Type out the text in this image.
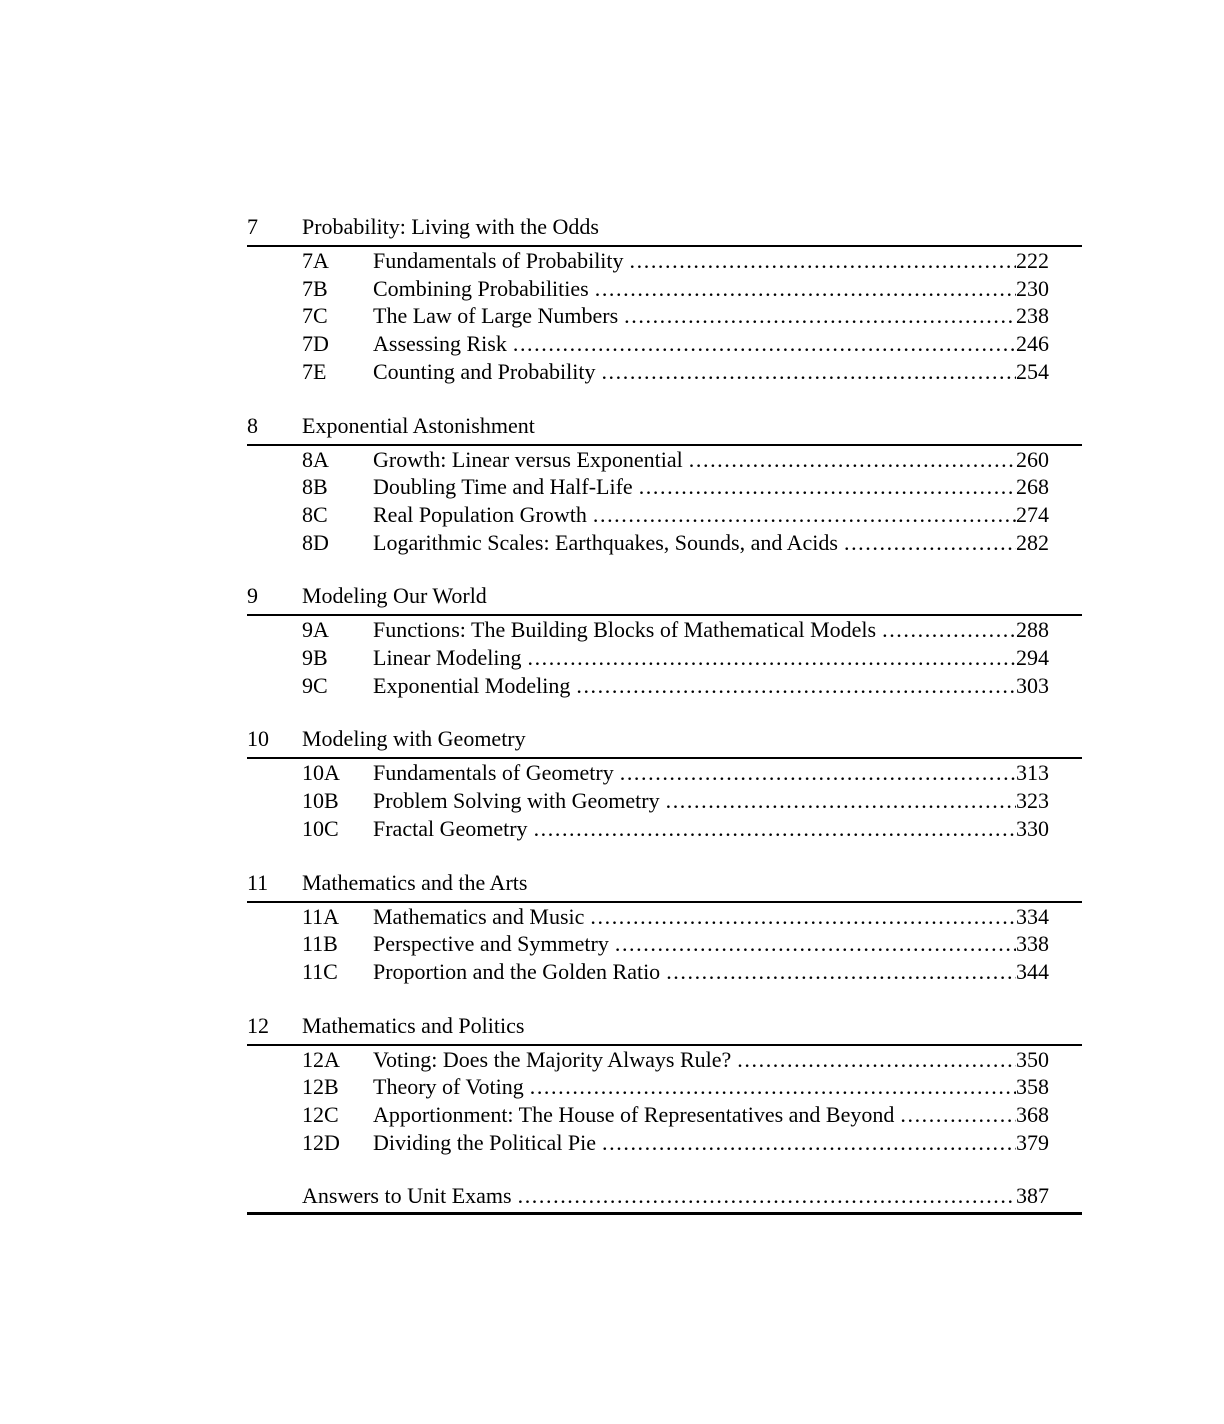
7	Probability: Living with the Odds
7A	Fundamentals of Probability .....	222
7B	Combining Probabilities .....	230
7C	The Law of Large Numbers .....	238
7D	Assessing Risk .....	246
7E	Counting and Probability .....	254
8	Exponential Astonishment
8A	Growth: Linear versus Exponential .....	260
8B	Doubling Time and Half-Life .....	268
8C	Real Population Growth .....	274
8D	Logarithmic Scales: Earthquakes, Sounds, and Acids .....	282
9	Modeling Our World
9A	Functions: The Building Blocks of Mathematical Models .....	288
9B	Linear Modeling .....	294
9C	Exponential Modeling .....	303
10	Modeling with Geometry
10A	Fundamentals of Geometry .....	313
10B	Problem Solving with Geometry .....	323
10C	Fractal Geometry .....	330
11	Mathematics and the Arts
11A	Mathematics and Music .....	334
11B	Perspective and Symmetry .....	338
11C	Proportion and the Golden Ratio .....	344
12	Mathematics and Politics
12A	Voting: Does the Majority Always Rule? .....	350
12B	Theory of Voting .....	358
12C	Apportionment: The House of Representatives and Beyond .....	368
12D	Dividing the Political Pie .....	379
Answers to Unit Exams .....	387
